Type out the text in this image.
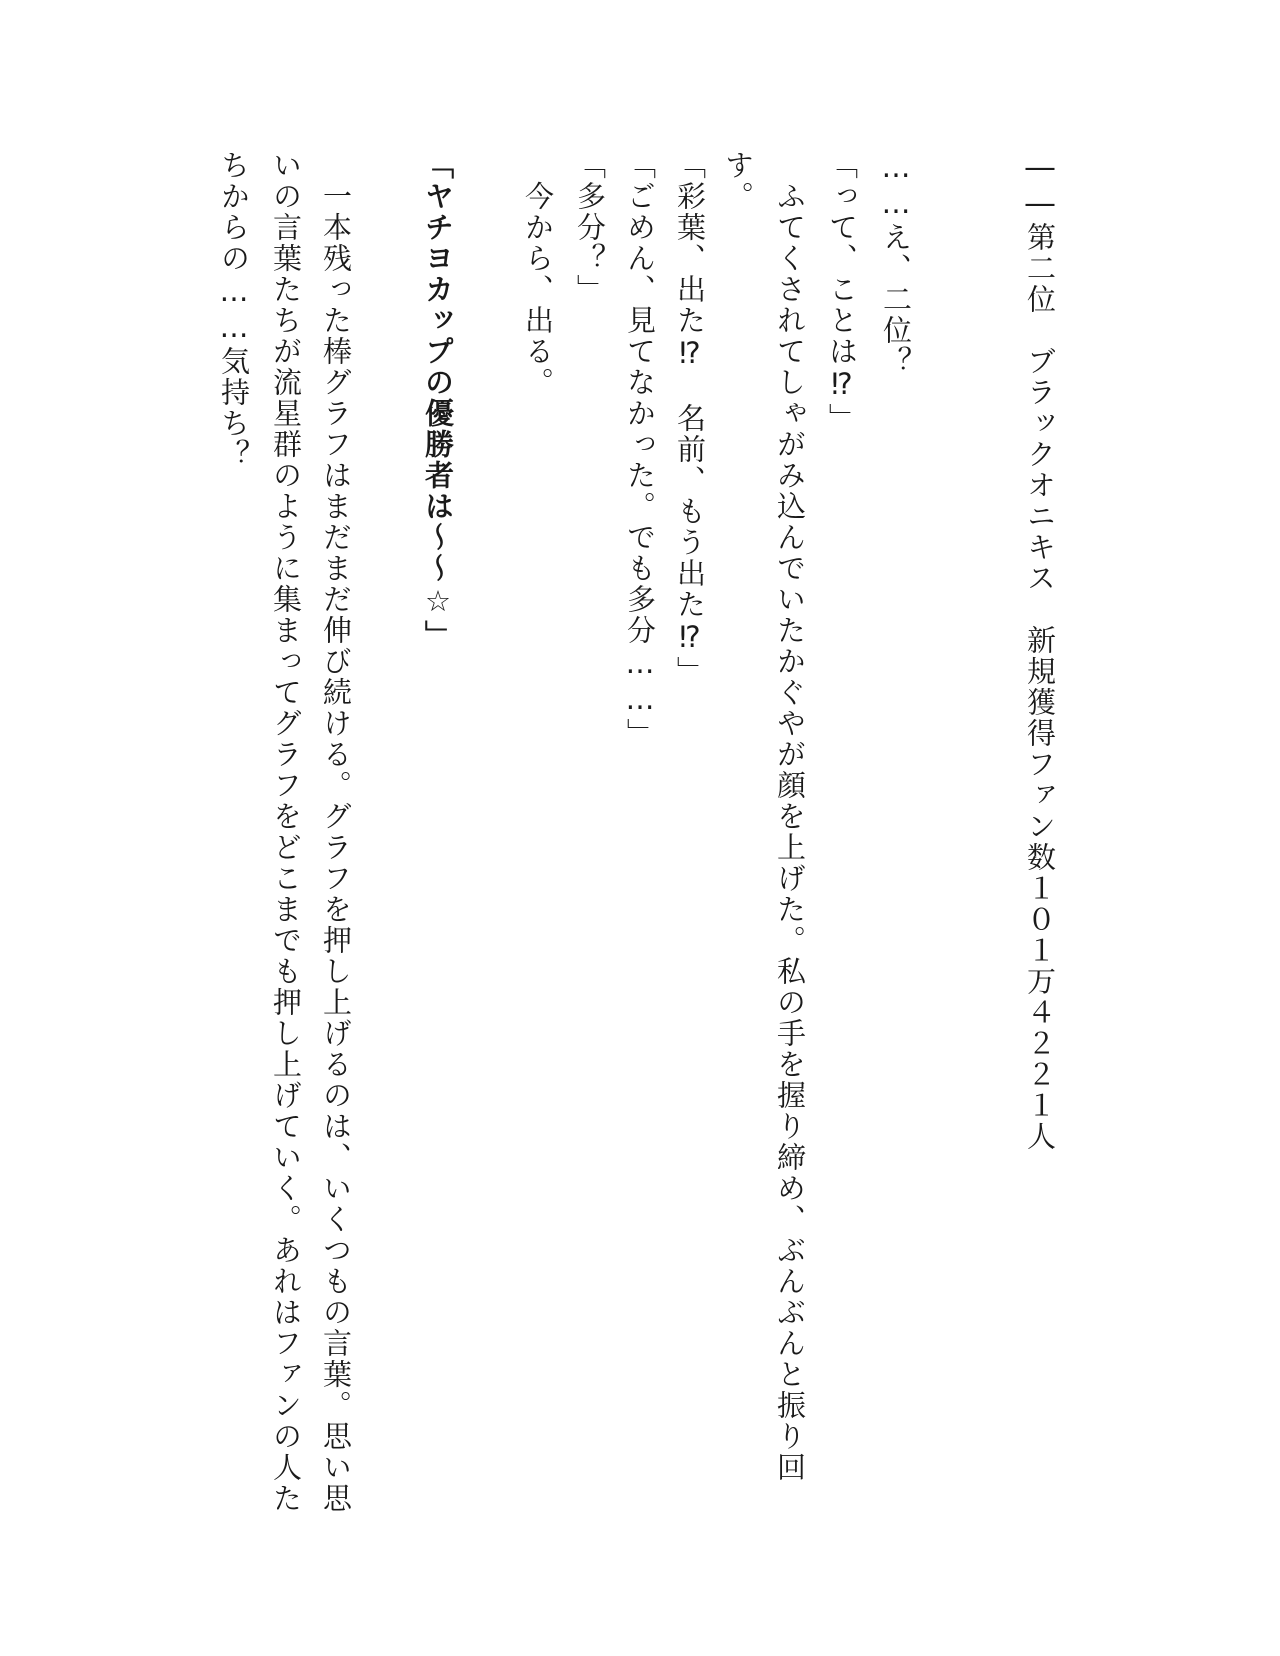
――第二位　ブラックオニキス　新規獲得ファン数１０１万４２２１人
……え、二位？
「って、ことは⁉」
　ふてくされてしゃがみ込んでいたかぐやが顔を上げた。私の手を握り締め、ぶんぶんと振り回
す。
「彩葉、出た⁉　名前、もう出た⁉」
「ごめん、見てなかった。でも多分……」
「多分？」
　今から、出る。
「ヤチヨカップの優勝者は～～☆」
　一本残った棒グラフはまだまだ伸び続ける。グラフを押し上げるのは、いくつもの言葉。思い思
いの言葉たちが流星群のように集まってグラフをどこまでも押し上げていく。あれはファンの人た
ちからの……気持ち？
